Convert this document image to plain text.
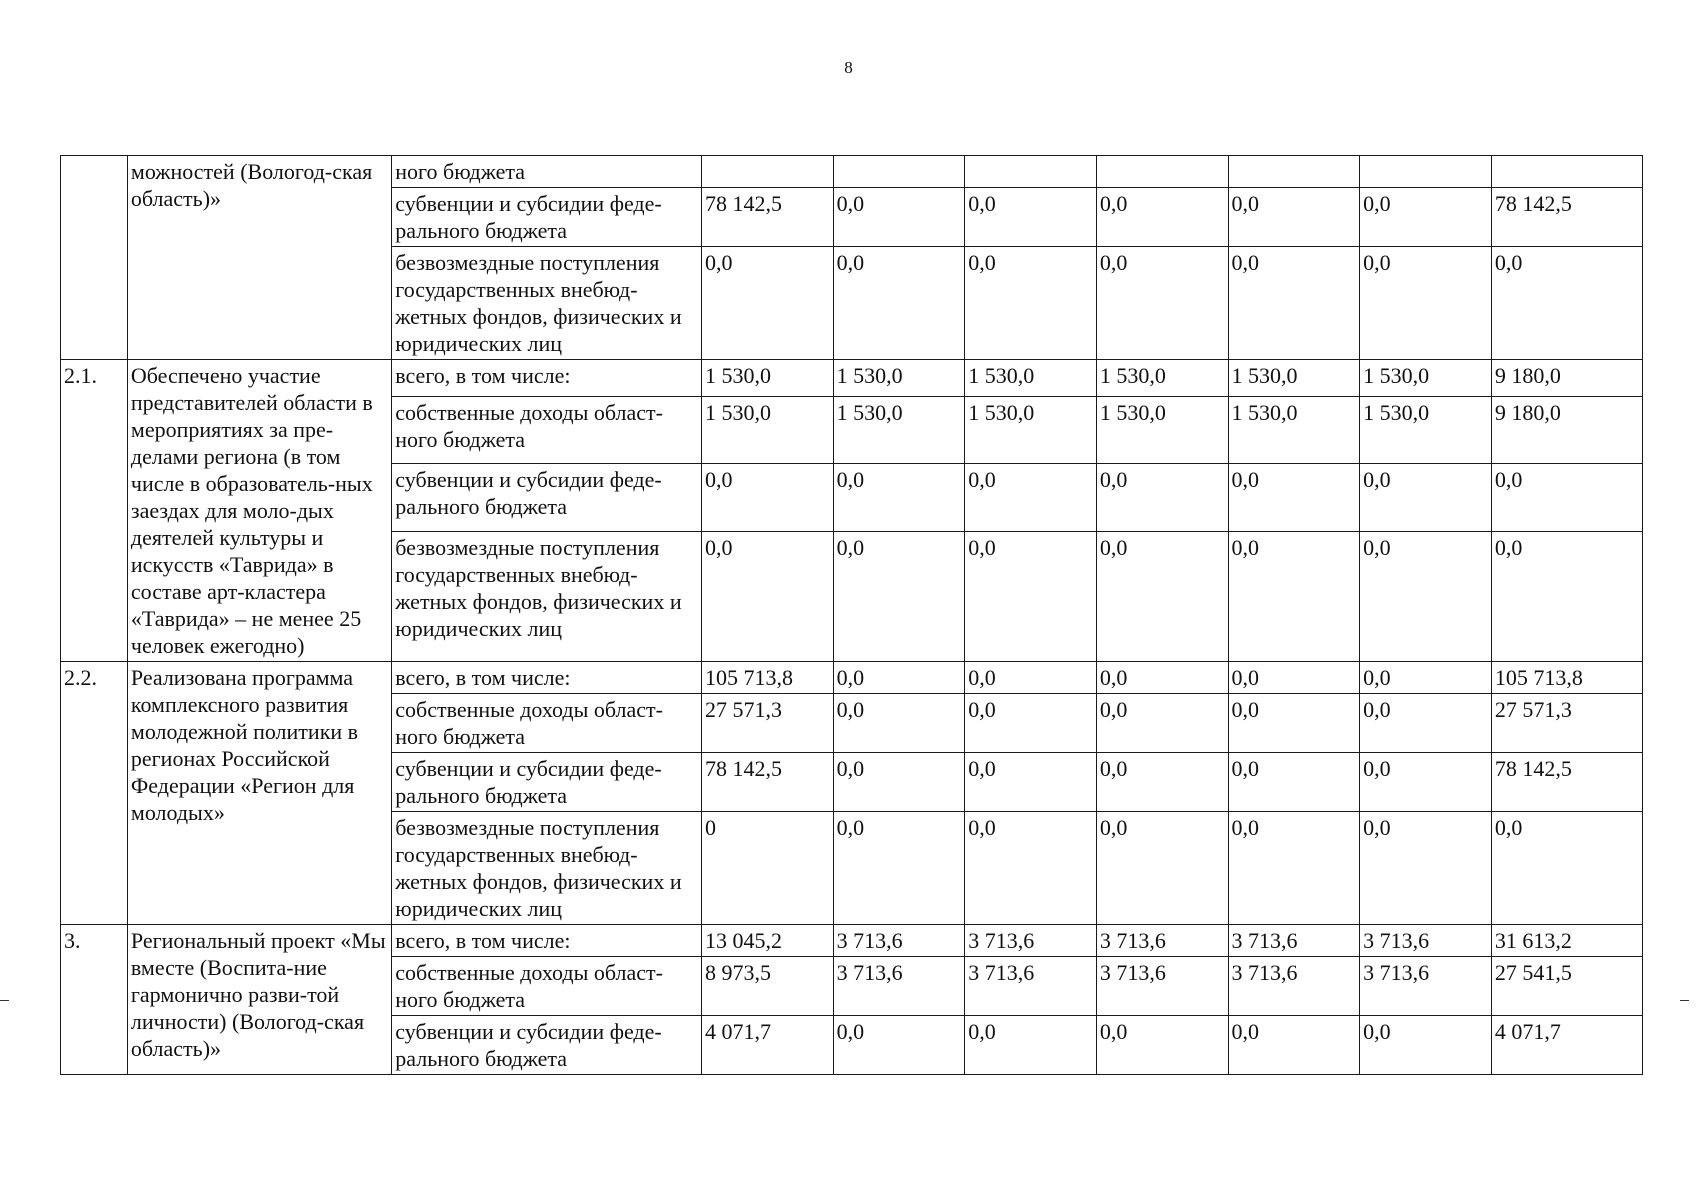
8
	можностей (Вологод-ская область)»	ного бюджета							
		субвенции и субсидии феде-рального бюджета	78 142,5	0,0	0,0	0,0	0,0	0,0	78 142,5
		безвозмездные поступления государственных внебюд-жетных фондов, физических и юридических лиц	0,0	0,0	0,0	0,0	0,0	0,0	0,0
2.1.	Обеспечено участие представителей области в мероприятиях за пре-делами региона (в том числе в образователь-ных заездах для моло-дых деятелей культуры и искусств «Таврида» в составе арт-кластера «Таврида» – не менее 25 человек ежегодно)	всего, в том числе:	1 530,0	1 530,0	1 530,0	1 530,0	1 530,0	1 530,0	9 180,0
		собственные доходы област-ного бюджета	1 530,0	1 530,0	1 530,0	1 530,0	1 530,0	1 530,0	9 180,0
		субвенции и субсидии феде-рального бюджета	0,0	0,0	0,0	0,0	0,0	0,0	0,0
		безвозмездные поступления государственных внебюд-жетных фондов, физических и юридических лиц	0,0	0,0	0,0	0,0	0,0	0,0	0,0
2.2.	Реализована программа комплексного развития молодежной политики в регионах Российской Федерации «Регион для молодых»	всего, в том числе:	105 713,8	0,0	0,0	0,0	0,0	0,0	105 713,8
		собственные доходы област-ного бюджета	27 571,3	0,0	0,0	0,0	0,0	0,0	27 571,3
		субвенции и субсидии феде-рального бюджета	78 142,5	0,0	0,0	0,0	0,0	0,0	78 142,5
		безвозмездные поступления государственных внебюд-жетных фондов, физических и юридических лиц	0	0,0	0,0	0,0	0,0	0,0	0,0
3.	Региональный проект «Мы вместе (Воспита-ние гармонично разви-той личности) (Вологод-ская область)»	всего, в том числе:	13 045,2	3 713,6	3 713,6	3 713,6	3 713,6	3 713,6	31 613,2
		собственные доходы област-ного бюджета	8 973,5	3 713,6	3 713,6	3 713,6	3 713,6	3 713,6	27 541,5
		субвенции и субсидии феде-рального бюджета	4 071,7	0,0	0,0	0,0	0,0	0,0	4 071,7
